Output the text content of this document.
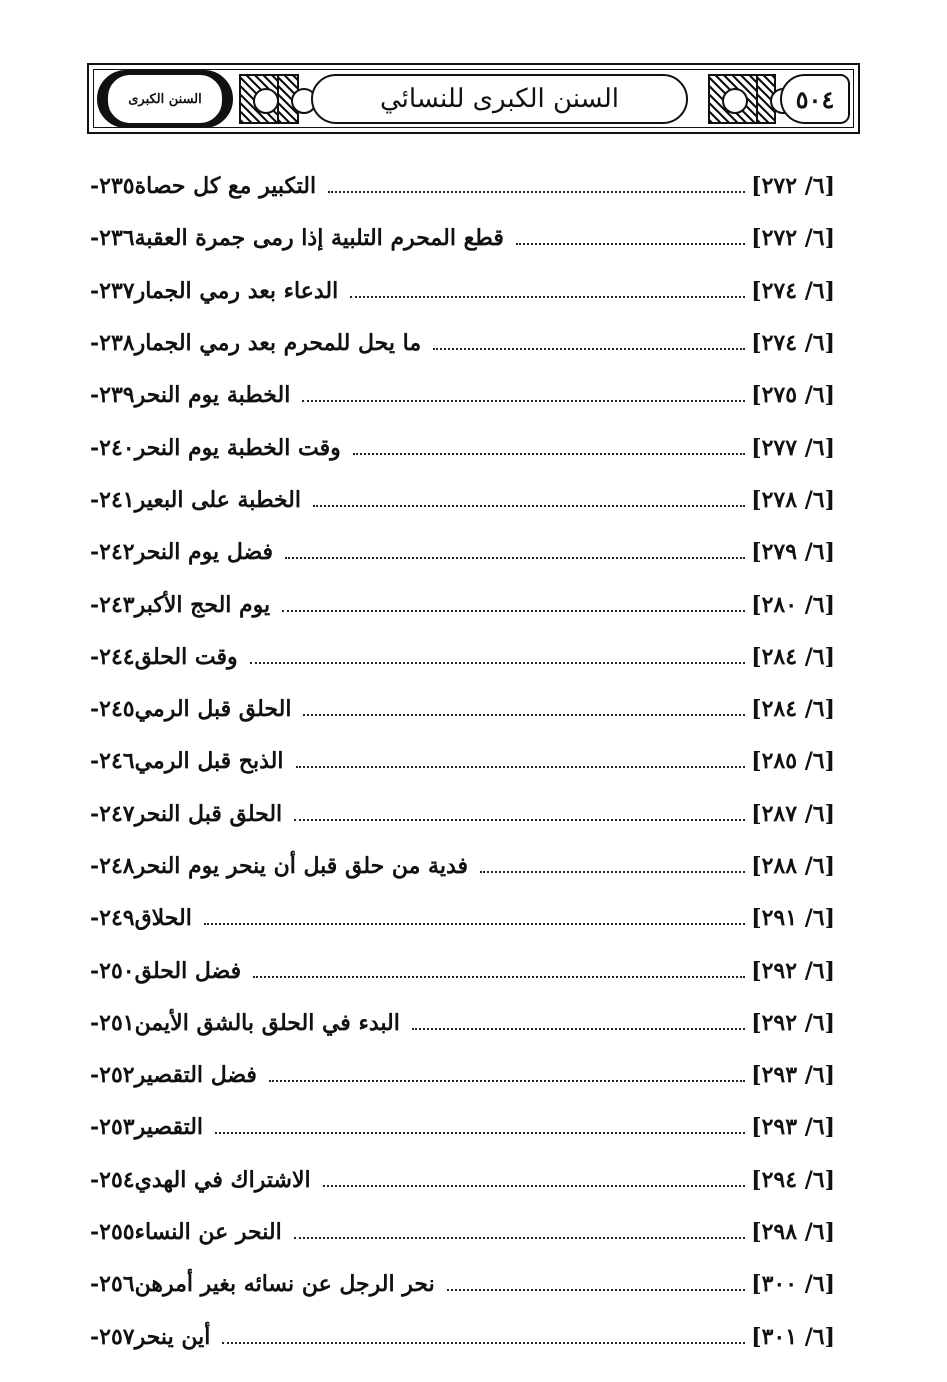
السنن الكبرى	السنن الكبرى للنسائي	٥٠٤
٢٣٥- التكبير مع كل حصاة	[٦/ ٢٧٢]
٢٣٦- قطع المحرم التلبية إذا رمى جمرة العقبة	[٦/ ٢٧٢]
٢٣٧- الدعاء بعد رمي الجمار	[٦/ ٢٧٤]
٢٣٨- ما يحل للمحرم بعد رمي الجمار	[٦/ ٢٧٤]
٢٣٩- الخطبة يوم النحر	[٦/ ٢٧٥]
٢٤٠- وقت الخطبة يوم النحر	[٦/ ٢٧٧]
٢٤١- الخطبة على البعير	[٦/ ٢٧٨]
٢٤٢- فضل يوم النحر	[٦/ ٢٧٩]
٢٤٣- يوم الحج الأكبر	[٦/ ٢٨٠]
٢٤٤- وقت الحلق	[٦/ ٢٨٤]
٢٤٥- الحلق قبل الرمي	[٦/ ٢٨٤]
٢٤٦- الذبح قبل الرمي	[٦/ ٢٨٥]
٢٤٧- الحلق قبل النحر	[٦/ ٢٨٧]
٢٤٨- فدية من حلق قبل أن ينحر يوم النحر	[٦/ ٢٨٨]
٢٤٩- الحلاق	[٦/ ٢٩١]
٢٥٠- فضل الحلق	[٦/ ٢٩٢]
٢٥١- البدء في الحلق بالشق الأيمن	[٦/ ٢٩٢]
٢٥٢- فضل التقصير	[٦/ ٢٩٣]
٢٥٣- التقصير	[٦/ ٢٩٣]
٢٥٤- الاشتراك في الهدي	[٦/ ٢٩٤]
٢٥٥- النحر عن النساء	[٦/ ٢٩٨]
٢٥٦- نحر الرجل عن نسائه بغير أمرهن	[٦/ ٣٠٠]
٢٥٧- أين ينحر	[٦/ ٣٠١]
